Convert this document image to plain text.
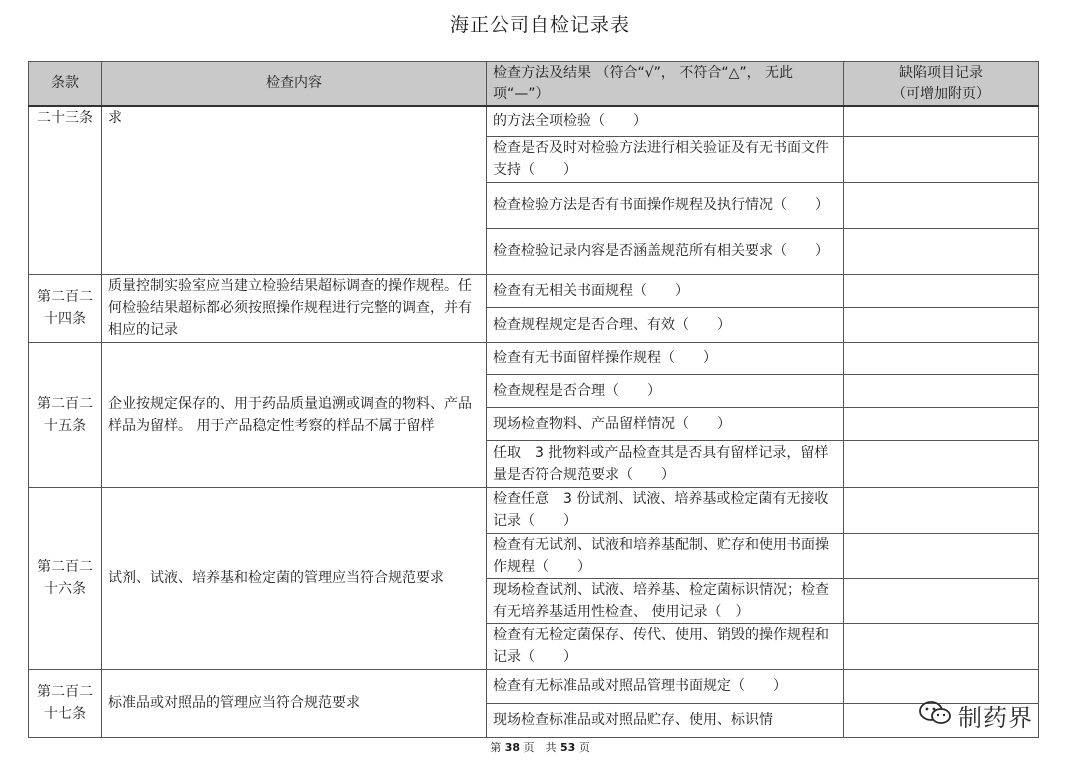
海正公司自检记录表
条款	检查内容	检查方法及结果 （符合“√”， 不符合“△”， 无此项“—”）	缺陷项目记录
（可增加附页）

二十三条	求	的方法全项检验（　　）	
		检查是否及时对检验方法进行相关验证及有无书面文件支持（　　）	
		检查检验方法是否有书面操作规程及执行情况（　　）	
		检查检验记录内容是否涵盖规范所有相关要求（　　）	
第二百二十四条	质量控制实验室应当建立检验结果超标调查的操作规程。任何检验结果超标都必须按照操作规程进行完整的调查，并有相应的记录	检查有无相关书面规程（　　）	
		检查规程规定是否合理、有效（　　）	
第二百二十五条	企业按规定保存的、用于药品质量追溯或调查的物料、产品样品为留样。 用于产品稳定性考察的样品不属于留样	检查有无书面留样操作规程（　　）	
		检查规程是否合理（　　）	
		现场检查物料、产品留样情况（　　）	
		任取　3 批物料或产品检查其是否具有留样记录，留样量是否符合规范要求（　　）	
第二百二十六条	试剂、试液、培养基和检定菌的管理应当符合规范要求	检查任意　3 份试剂、试液、培养基或检定菌有无接收记录（　　）	
		检查有无试剂、试液和培养基配制、贮存和使用书面操作规程（　　）	
		现场检查试剂、试液、培养基、检定菌标识情况；检查有无培养基适用性检查、 使用记录（　）	
		检查有无检定菌保存、传代、使用、销毁的操作规程和记录（　　）	
第二百二十七条	标准品或对照品的管理应当符合规范要求	检查有无标准品或对照品管理书面规定（　　）	
		现场检查标准品或对照品贮存、使用、标识情		制药界
第 38 页　共 53 页
